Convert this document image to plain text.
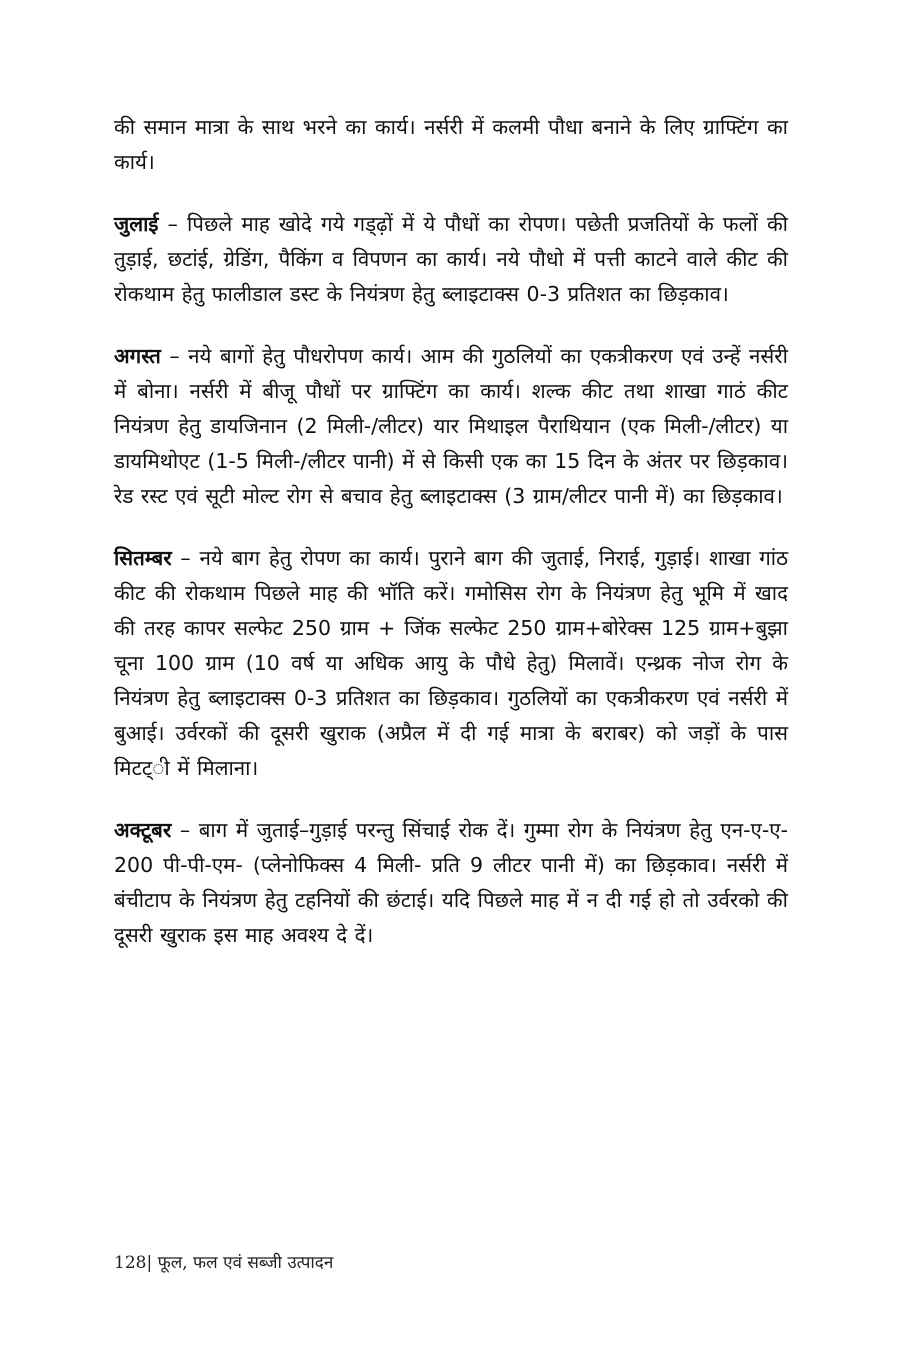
की समान मात्रा के साथ भरने का कार्य। नर्सरी में कलमी पौधा बनाने के लिए ग्राफ्टिंग का कार्य।

जुलाई – पिछले माह खोदे गये गड्ढ़ों में ये पौधों का रोपण। पछेती प्रजतियों के फलों की तुड़ाई, छटांई, ग्रेडिंग, पैकिंग व विपणन का कार्य। नये पौधो में पत्ती काटने वाले कीट की रोकथाम हेतु फालीडाल डस्ट के नियंत्रण हेतु ब्लाइटाक्स 0-3 प्रतिशत का छिड़काव।

अगस्त – नये बागों हेतु पौधरोपण कार्य। आम की गुठलियों का एकत्रीकरण एवं उन्हें नर्सरी में बोना। नर्सरी में बीजू पौधों पर ग्राफ्टिंग का कार्य। शल्क कीट तथा शाखा गाठं कीट नियंत्रण हेतु डायजिनान (2 मिली-/लीटर) यार मिथाइल पैराथियान (एक मिली-/लीटर) या डायमिथोएट (1-5 मिली-/लीटर पानी) में से किसी एक का 15 दिन के अंतर पर छिड़काव। रेड रस्ट एवं सूटी मोल्ट रोग से बचाव हेतु ब्लाइटाक्स (3 ग्राम/लीटर पानी में) का छिड़काव।

सितम्बर – नये बाग हेतु रोपण का कार्य। पुराने बाग की जुताई, निराई, गुड़ाई। शाखा गांठ कीट की रोकथाम पिछले माह की भॉति करें। गमोसिस रोग के नियंत्रण हेतु भूमि में खाद की तरह कापर सल्फेट 250 ग्राम + जिंक सल्फेट 250 ग्राम+बोरेक्स 125 ग्राम+बुझा चूना 100 ग्राम (10 वर्ष या अधिक आयु के पौधे हेतु) मिलावें। एन्थ्रक नोज रोग के नियंत्रण हेतु ब्लाइटाक्स 0-3 प्रतिशत का छिड़काव। गुठलियों का एकत्रीकरण एवं नर्सरी में बुआई। उर्वरकों की दूसरी खुराक (अप्रैल में दी गई मात्रा के बराबर) को जड़ों के पास मिटट्ी में मिलाना।

अक्टूबर – बाग में जुताई–गुड़ाई परन्तु सिंचाई रोक दें। गुम्मा रोग के नियंत्रण हेतु एन-ए-ए- 200 पी-पी-एम- (प्लेनोफिक्स 4 मिली- प्रति 9 लीटर पानी में) का छिड़काव। नर्सरी में बंचीटाप के नियंत्रण हेतु टहनियों की छंटाई। यदि पिछले माह में न दी गई हो तो उर्वरको की दूसरी खुराक इस माह अवश्य दे दें।

128| फूल, फल एवं सब्जी उत्पादन
